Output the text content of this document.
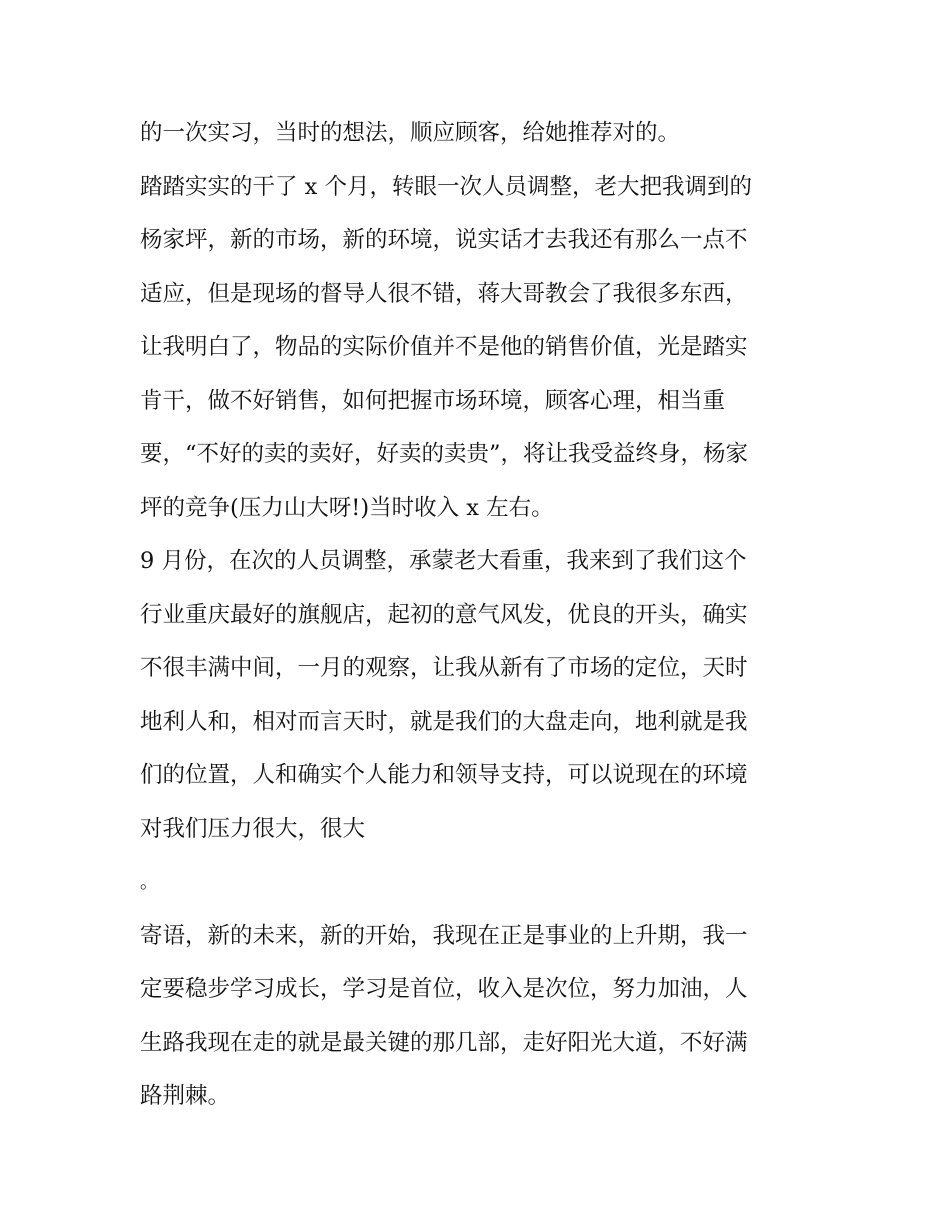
的一次实习，当时的想法，顺应顾客，给她推荐对的。
踏踏实实的干了 x 个月，转眼一次人员调整，老大把我调到的
杨家坪，新的市场，新的环境，说实话才去我还有那么一点不
适应，但是现场的督导人很不错，蒋大哥教会了我很多东西，
让我明白了，物品的实际价值并不是他的销售价值，光是踏实
肯干，做不好销售，如何把握市场环境，顾客心理，相当重
要，“不好的卖的卖好，好卖的卖贵”，将让我受益终身，杨家
坪的竞争(压力山大呀!)当时收入 x 左右。
9 月份，在次的人员调整，承蒙老大看重，我来到了我们这个
行业重庆最好的旗舰店，起初的意气风发，优良的开头，确实
不很丰满中间，一月的观察，让我从新有了市场的定位，天时
地利人和，相对而言天时，就是我们的大盘走向，地利就是我
们的位置，人和确实个人能力和领导支持，可以说现在的环境
对我们压力很大，很大
。
寄语，新的未来，新的开始，我现在正是事业的上升期，我一
定要稳步学习成长，学习是首位，收入是次位，努力加油，人
生路我现在走的就是最关键的那几部，走好阳光大道，不好满
路荆棘。
